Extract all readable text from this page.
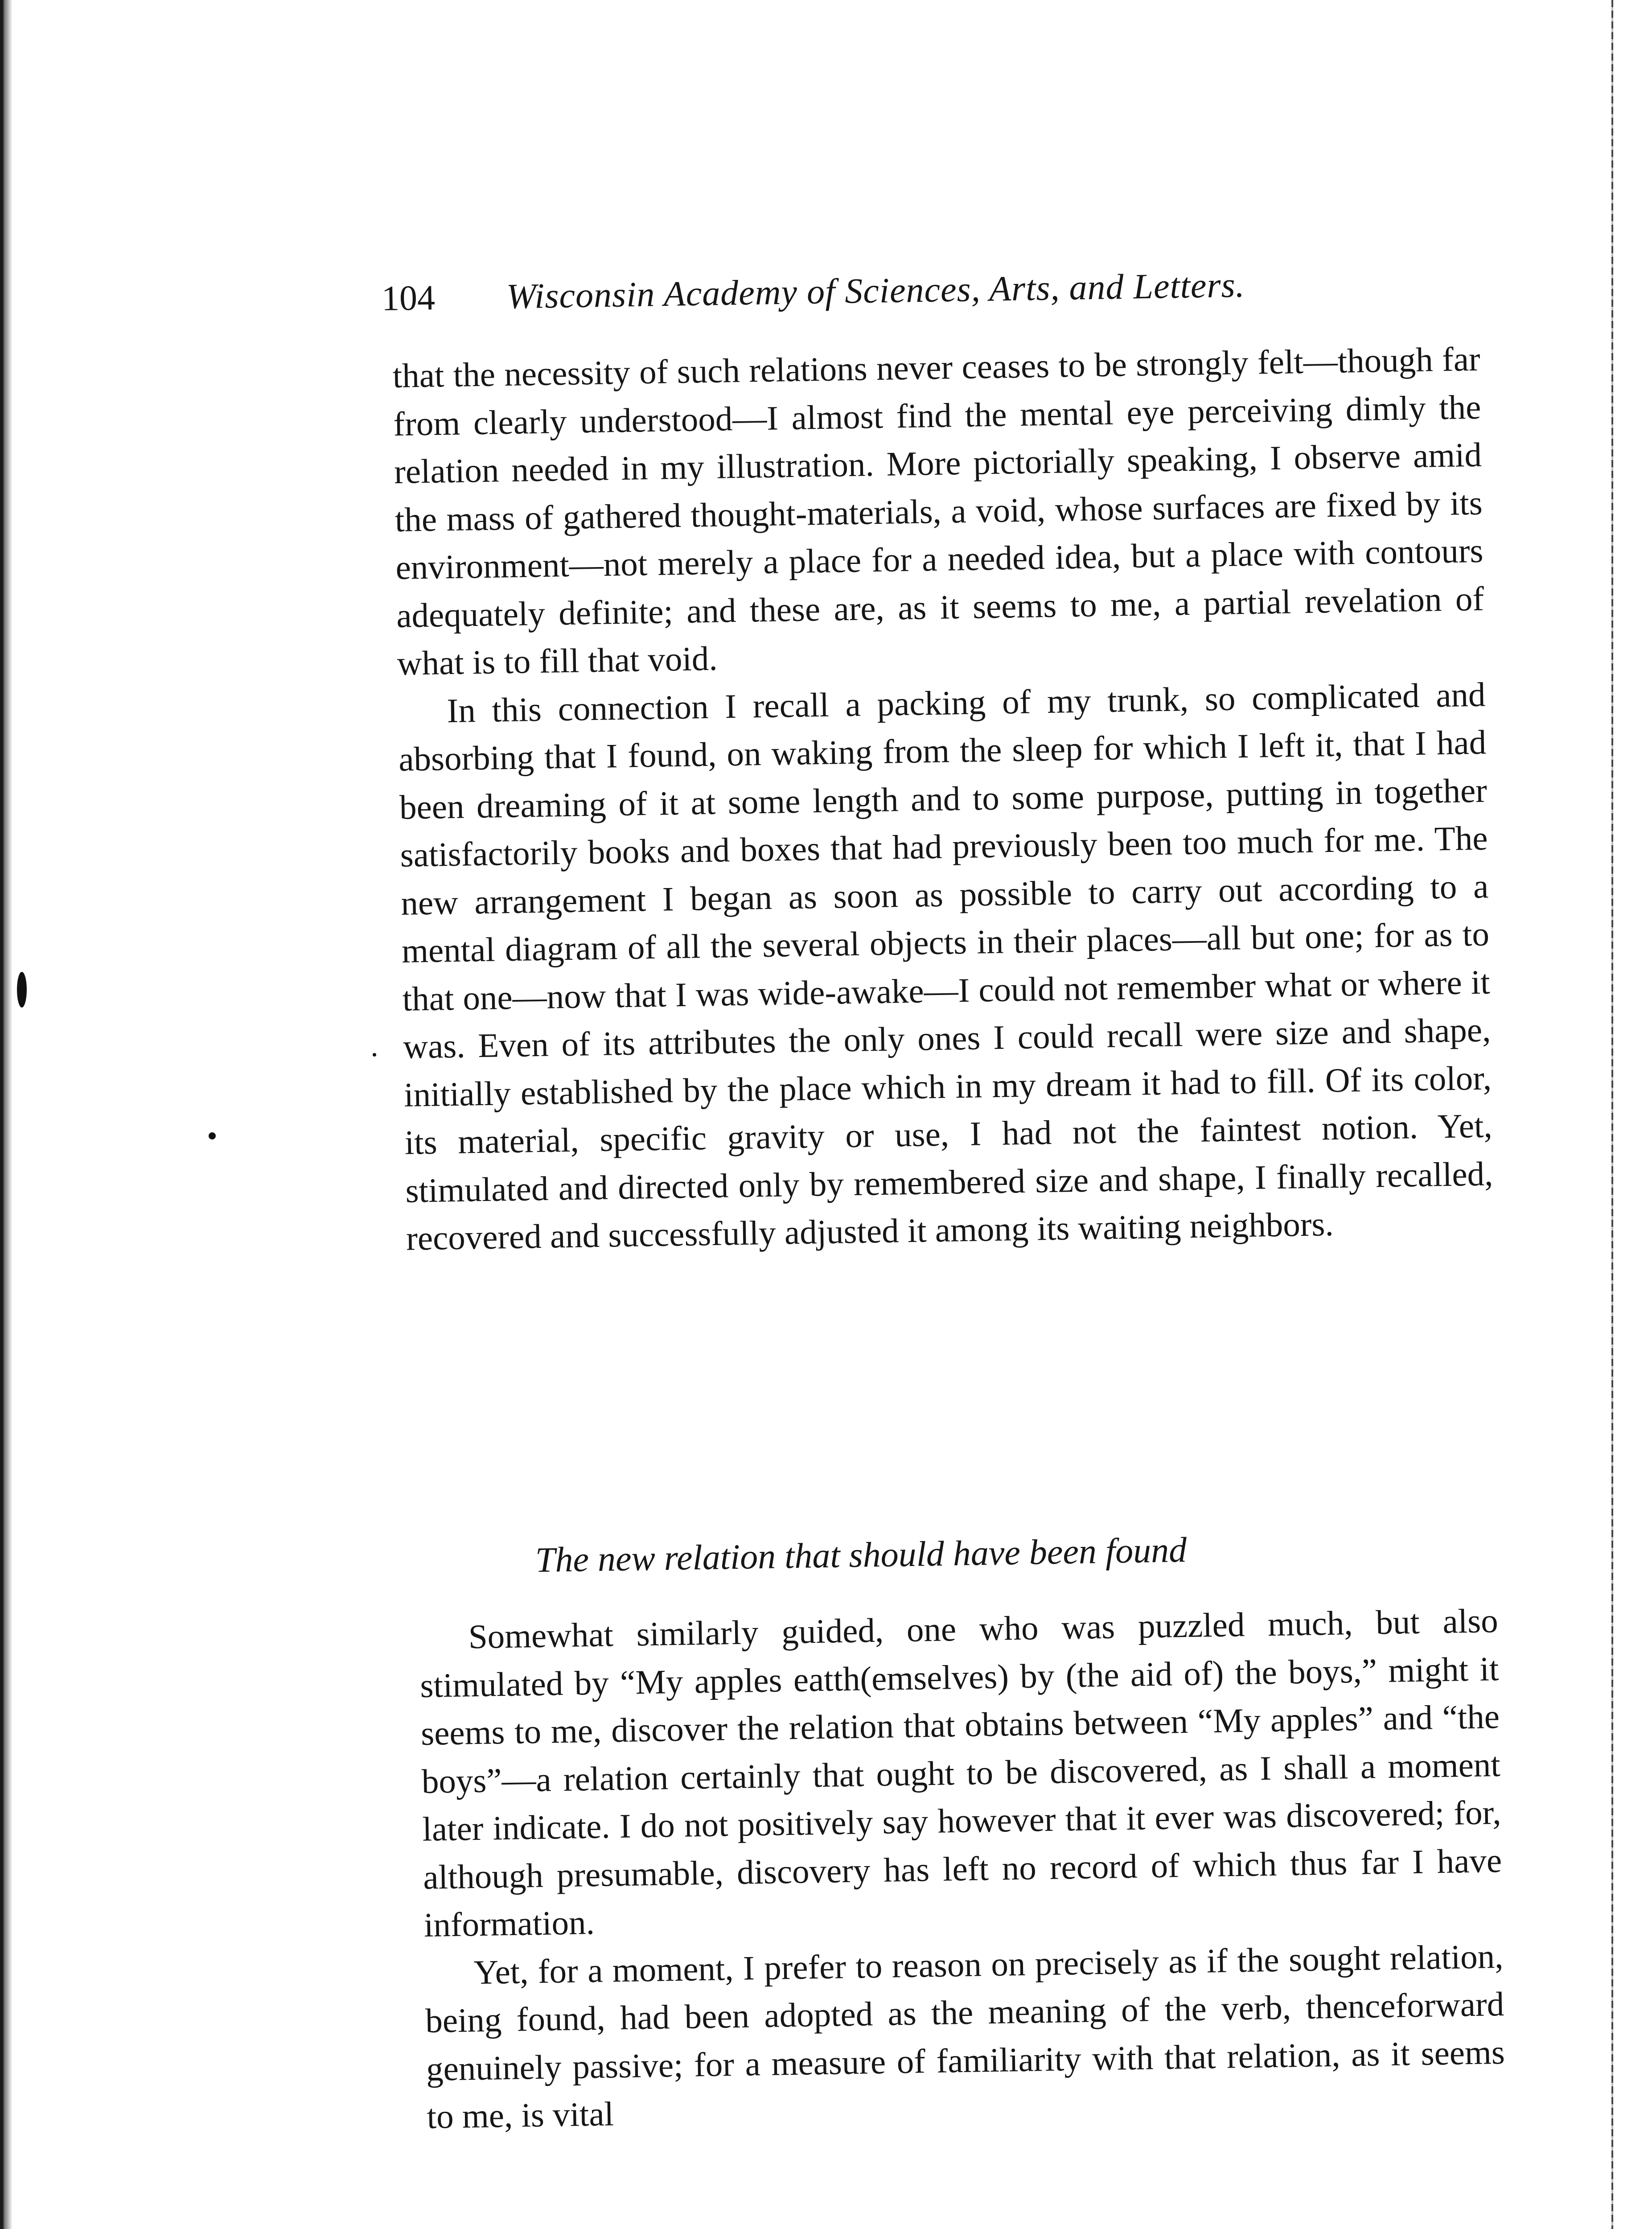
104 Wisconsin Academy of Sciences, Arts, and Letters.

that the necessity of such relations never ceases to be strongly felt—though far from clearly understood—I almost find the mental eye perceiving dimly the relation needed in my illustration. More pictorially speaking, I observe amid the mass of gathered thought-materials, a void, whose surfaces are fixed by its environment—not merely a place for a needed idea, but a place with contours adequately definite; and these are, as it seems to me, a partial revelation of what is to fill that void.

In this connection I recall a packing of my trunk, so complicated and absorbing that I found, on waking from the sleep for which I left it, that I had been dreaming of it at some length and to some purpose, putting in together satisfactorily books and boxes that had previously been too much for me. The new arrangement I began as soon as possible to carry out according to a mental diagram of all the several objects in their places—all but one; for as to that one—now that I was wide-awake—I could not remember what or where it was. Even of its attributes the only ones I could recall were size and shape, initially established by the place which in my dream it had to fill. Of its color, its material, specific gravity or use, I had not the faintest notion. Yet, stimulated and directed only by remembered size and shape, I finally recalled, recovered and successfully adjusted it among its waiting neighbors.

The new relation that should have been found

Somewhat similarly guided, one who was puzzled much, but also stimulated by “My apples eatth(emselves) by (the aid of) the boys,” might it seems to me, discover the relation that obtains between “My apples” and “the boys”—a relation certainly that ought to be discovered, as I shall a moment later indicate. I do not positively say however that it ever was discovered; for, although presumable, discovery has left no record of which thus far I have information.

Yet, for a moment, I prefer to reason on precisely as if the sought relation, being found, had been adopted as the meaning of the verb, thenceforward genuinely passive; for a measure of familiarity with that relation, as it seems to me, is vital
